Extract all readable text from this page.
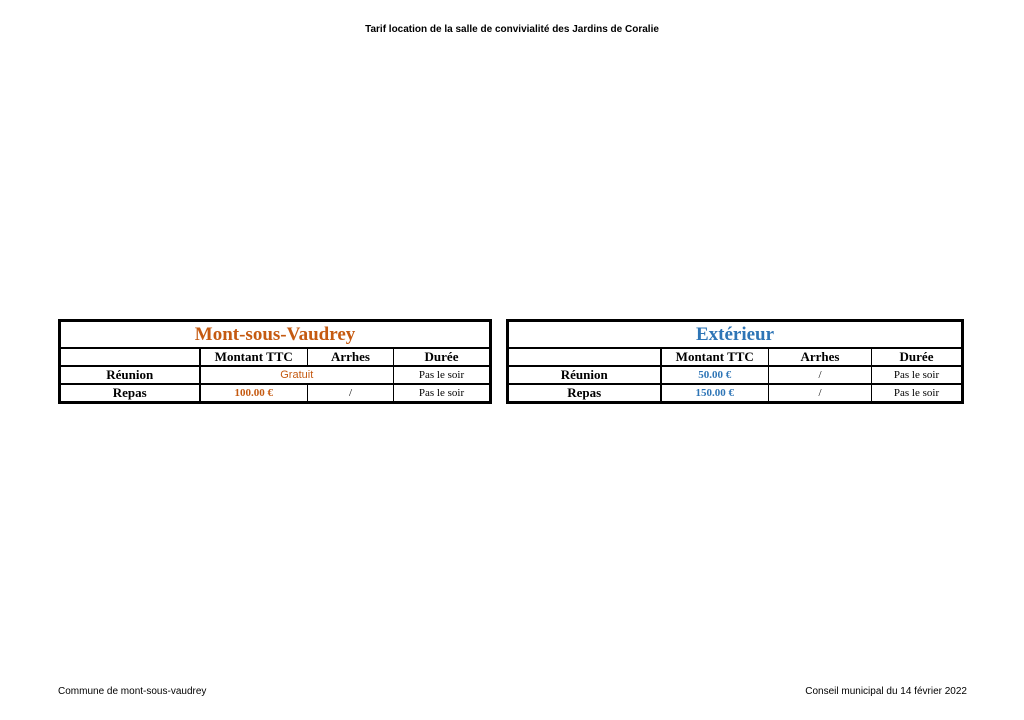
Tarif location de la salle de convivialité des Jardins de Coralie
Mont-sous-Vaudrey			
	Montant TTC	Arrhes	Durée
Réunion	Gratuit		Pas le soir
Repas	100.00 €	/	Pas le soir
Extérieur			
	Montant TTC	Arrhes	Durée
Réunion	50.00 €	/	Pas le soir
Repas	150.00 €	/	Pas le soir
Commune de mont-sous-vaudrey	Conseil municipal du 14 février 2022
